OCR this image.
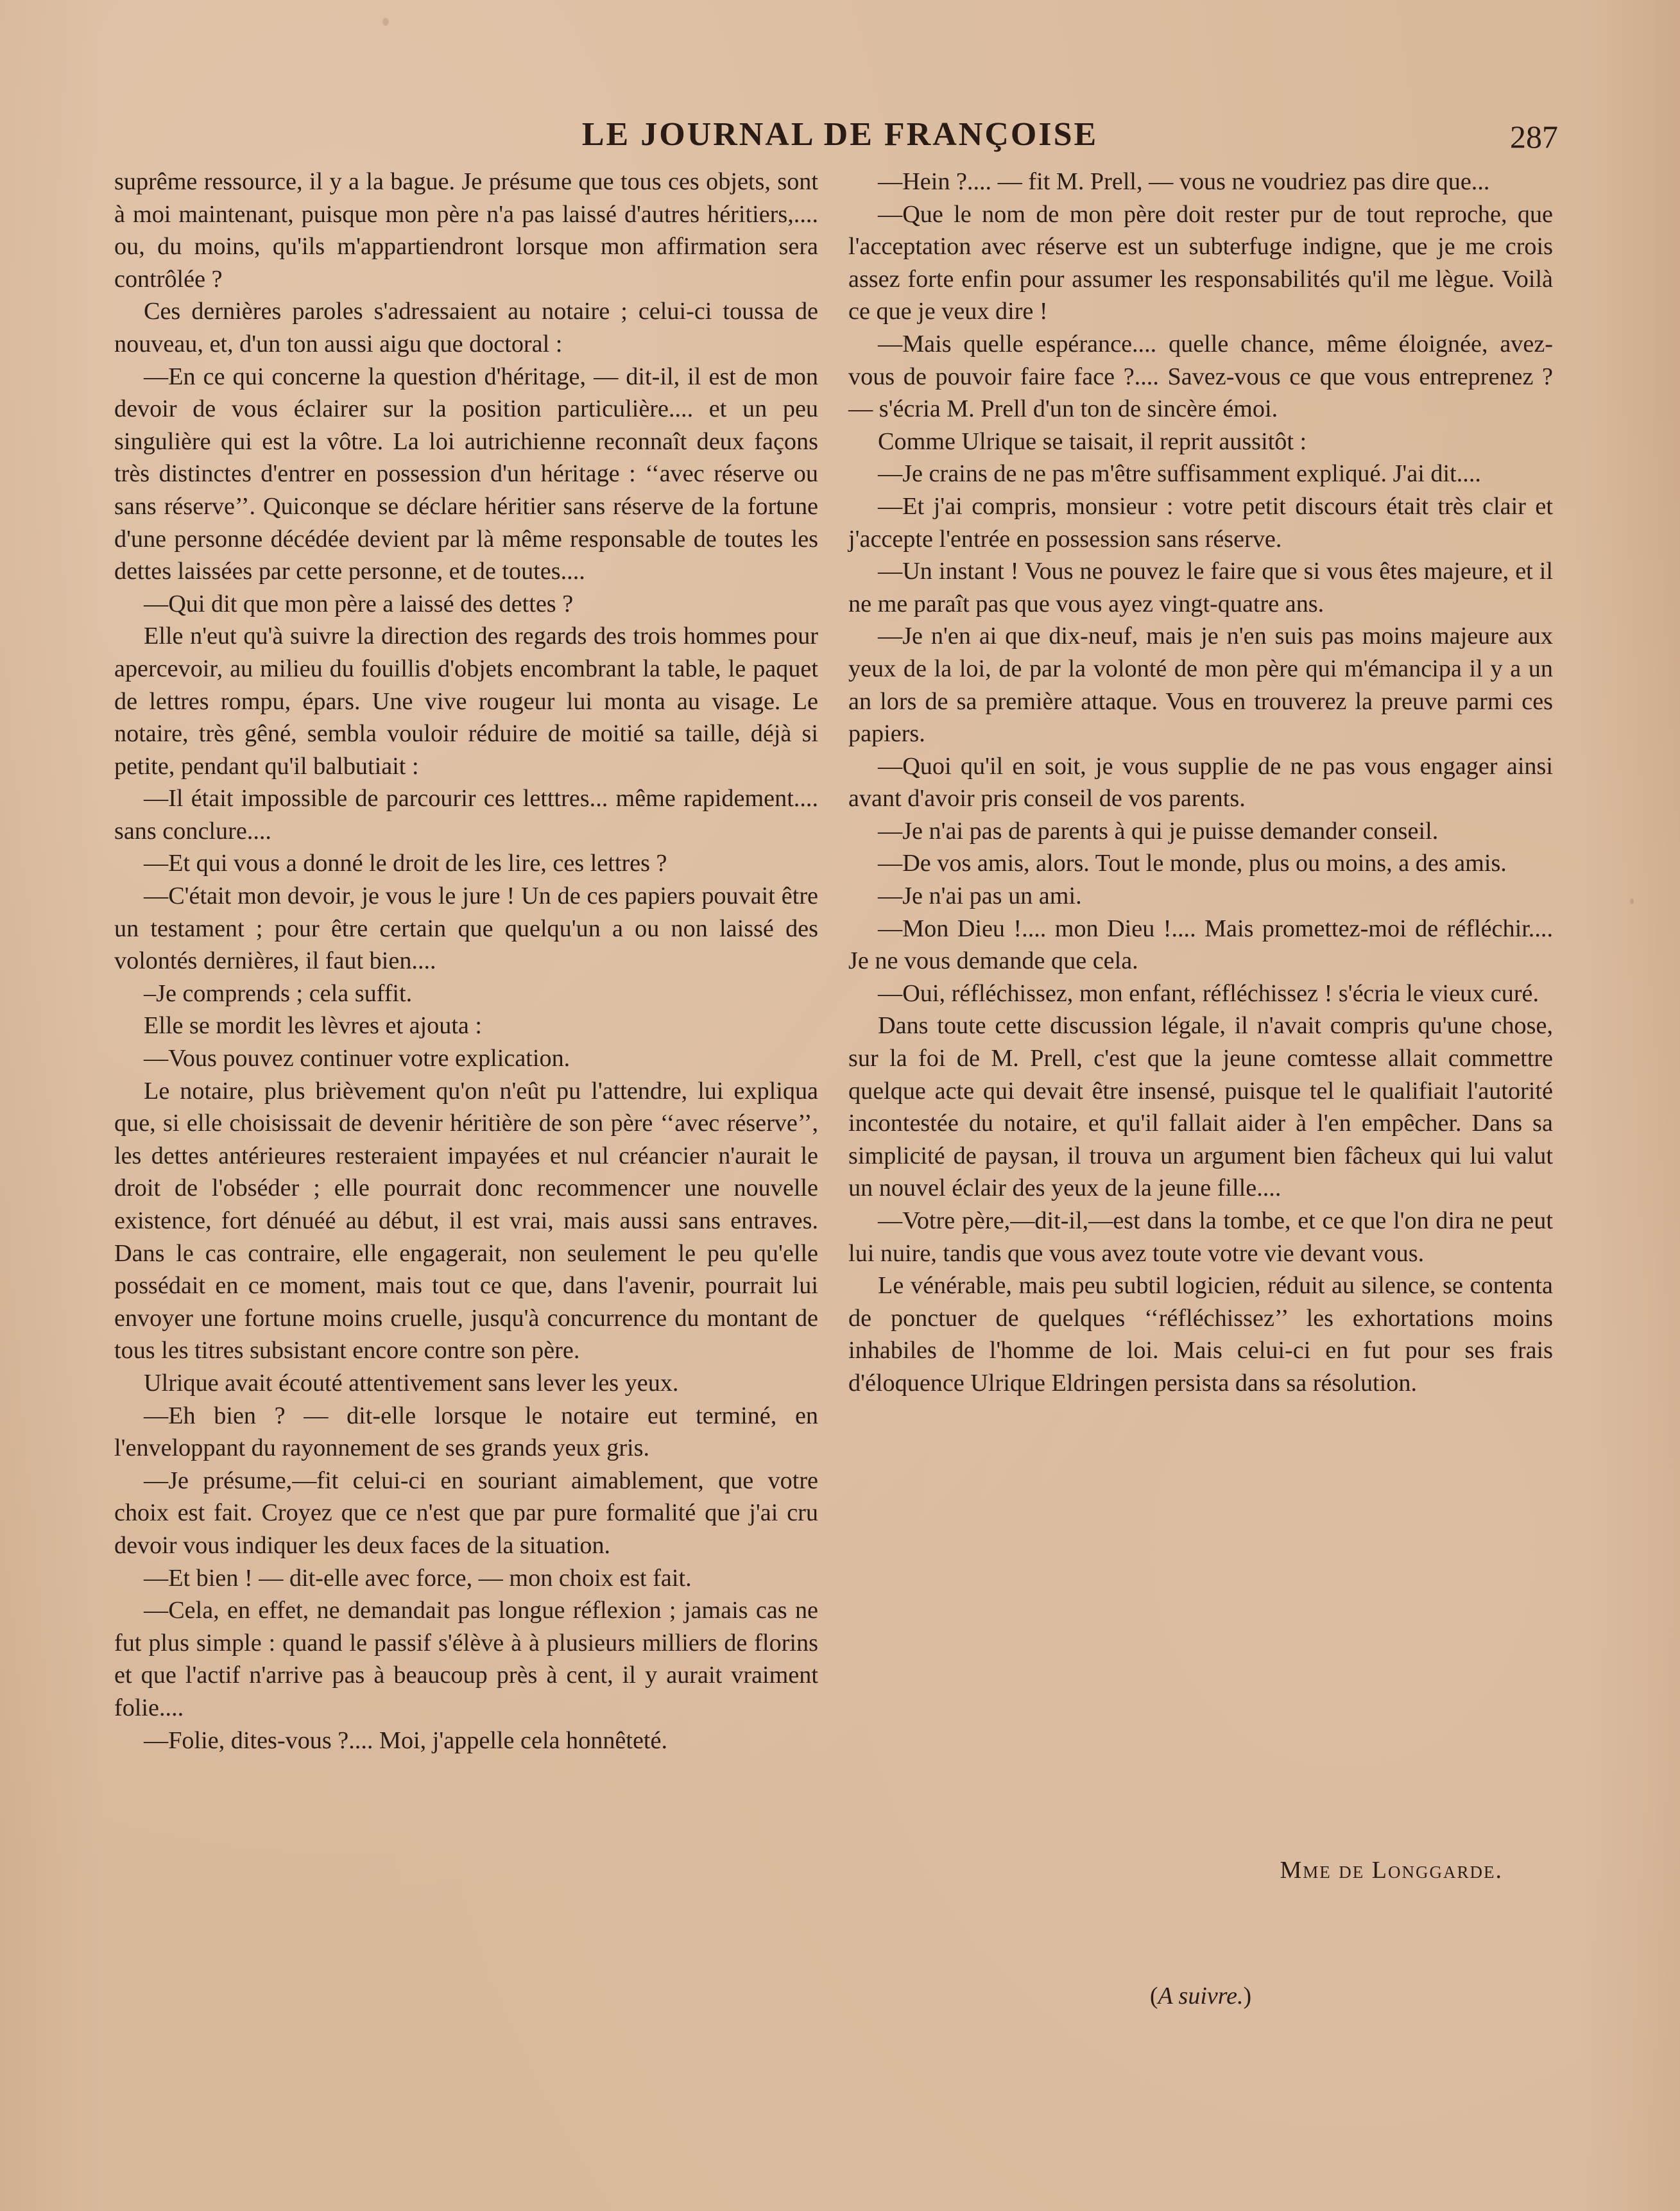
LE JOURNAL DE FRANÇOISE	287

suprême ressource, il y a la bague. Je présume que tous ces objets, sont à moi maintenant, puisque mon père n'a pas laissé d'autres héritiers,.... ou, du moins, qu'ils m'appartiendront lorsque mon affirmation sera contrôlée ?

Ces dernières paroles s'adressaient au notaire ; celui-ci toussa de nouveau, et, d'un ton aussi aigu que doctoral :

—En ce qui concerne la question d'héritage, — dit-il, il est de mon devoir de vous éclairer sur la position particulière.... et un peu singulière qui est la vôtre. La loi autrichienne reconnaît deux façons très distinctes d'entrer en possession d'un héritage : ‘‘avec réserve ou sans réserve’’. Quiconque se déclare héritier sans réserve de la fortune d'une personne décédée devient par là même responsable de toutes les dettes laissées par cette personne, et de toutes....

—Qui dit que mon père a laissé des dettes ?

Elle n'eut qu'à suivre la direction des regards des trois hommes pour apercevoir, au milieu du fouillis d'objets encombrant la table, le paquet de lettres rompu, épars. Une vive rougeur lui monta au visage. Le notaire, très gêné, sembla vouloir réduire de moitié sa taille, déjà si petite, pendant qu'il balbutiait :

—Il était impossible de parcourir ces letttres... même rapidement.... sans conclure....

—Et qui vous a donné le droit de les lire, ces lettres ?

—C'était mon devoir, je vous le jure ! Un de ces papiers pouvait être un testament ; pour être certain que quelqu'un a ou non laissé des volontés dernières, il faut bien....

–Je comprends ; cela suffit.

Elle se mordit les lèvres et ajouta :

—Vous pouvez continuer votre explication.

Le notaire, plus brièvement qu'on n'eût pu l'attendre, lui expliqua que, si elle choisissait de devenir héritière de son père ‘‘avec réserve’’, les dettes antérieures resteraient impayées et nul créancier n'aurait le droit de l'obséder ; elle pourrait donc recommencer une nouvelle existence, fort dénuéé au début, il est vrai, mais aussi sans entraves. Dans le cas contraire, elle engagerait, non seulement le peu qu'elle possédait en ce moment, mais tout ce que, dans l'avenir, pourrait lui envoyer une fortune moins cruelle, jusqu'à concurrence du montant de tous les titres subsistant encore contre son père.

Ulrique avait écouté attentivement sans lever les yeux.

—Eh bien ? — dit-elle lorsque le notaire eut terminé, en l'enveloppant du rayonnement de ses grands yeux gris.

—Je présume,—fit celui-ci en souriant aimablement, que votre choix est fait. Croyez que ce n'est que par pure formalité que j'ai cru devoir vous indiquer les deux faces de la situation.

—Et bien ! — dit-elle avec force, — mon choix est fait.

—Cela, en effet, ne demandait pas longue réflexion ; jamais cas ne fut plus simple : quand le passif s'élève à à plusieurs milliers de florins et que l'actif n'arrive pas à beaucoup près à cent, il y aurait vraiment folie....

—Folie, dites-vous ?.... Moi, j'appelle cela honnêteté.

—Hein ?.... — fit M. Prell, — vous ne voudriez pas dire que...

—Que le nom de mon père doit rester pur de tout reproche, que l'acceptation avec réserve est un subterfuge indigne, que je me crois assez forte enfin pour assumer les responsabilités qu'il me lègue. Voilà ce que je veux dire !

—Mais quelle espérance.... quelle chance, même éloignée, avez-vous de pouvoir faire face ?.... Savez-vous ce que vous entreprenez ? — s'écria M. Prell d'un ton de sincère émoi.

Comme Ulrique se taisait, il reprit aussitôt :

—Je crains de ne pas m'être suffisamment expliqué. J'ai dit....

—Et j'ai compris, monsieur : votre petit discours était très clair et j'accepte l'entrée en possession sans réserve.

—Un instant ! Vous ne pouvez le faire que si vous êtes majeure, et il ne me paraît pas que vous ayez vingt-quatre ans.

—Je n'en ai que dix-neuf, mais je n'en suis pas moins majeure aux yeux de la loi, de par la volonté de mon père qui m'émancipa il y a un an lors de sa première attaque. Vous en trouverez la preuve parmi ces papiers.

—Quoi qu'il en soit, je vous supplie de ne pas vous engager ainsi avant d'avoir pris conseil de vos parents.

—Je n'ai pas de parents à qui je puisse demander conseil.

—De vos amis, alors. Tout le monde, plus ou moins, a des amis.

—Je n'ai pas un ami.

—Mon Dieu !.... mon Dieu !.... Mais promettez-moi de réfléchir.... Je ne vous demande que cela.

—Oui, réfléchissez, mon enfant, réfléchissez ! s'écria le vieux curé.

Dans toute cette discussion légale, il n'avait compris qu'une chose, sur la foi de M. Prell, c'est que la jeune comtesse allait commettre quelque acte qui devait être insensé, puisque tel le qualifiait l'autorité incontestée du notaire, et qu'il fallait aider à l'en empêcher. Dans sa simplicité de paysan, il trouva un argument bien fâcheux qui lui valut un nouvel éclair des yeux de la jeune fille....

—Votre père,—dit-il,—est dans la tombe, et ce que l'on dira ne peut lui nuire, tandis que vous avez toute votre vie devant vous.

Le vénérable, mais peu subtil logicien, réduit au silence, se contenta de ponctuer de quelques ‘‘réfléchissez’’ les exhortations moins inhabiles de l'homme de loi. Mais celui-ci en fut pour ses frais d'éloquence Ulrique Eldringen persista dans sa résolution.

Mme de Longgarde.
(A suivre.)
